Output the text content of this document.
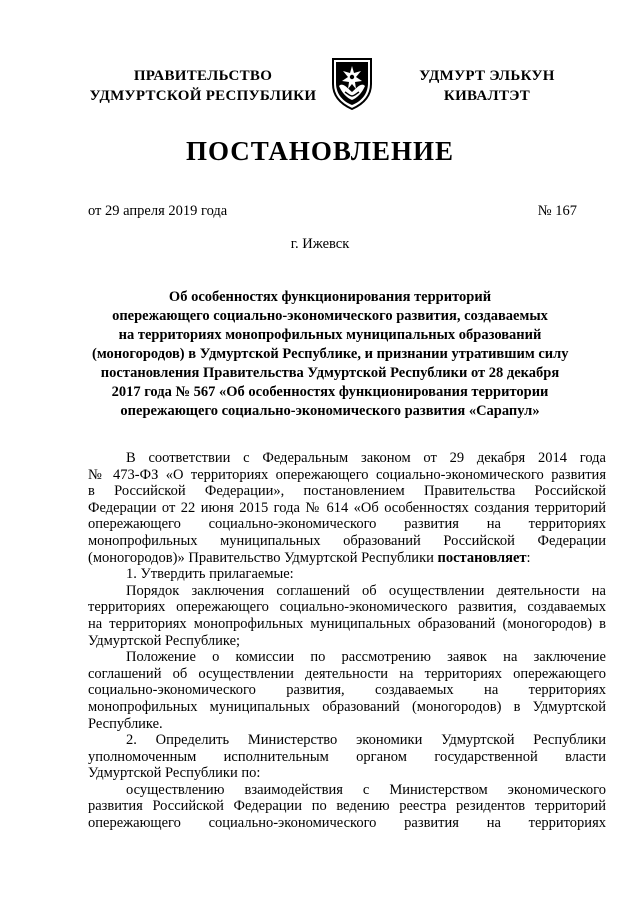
ПРАВИТЕЛЬСТВО
УДМУРТСКОЙ РЕСПУБЛИКИ
УДМУРТ ЭЛЬКУН
КИВАЛТЭТ
ПОСТАНОВЛЕНИЕ
от 29 апреля 2019 года	№ 167
г. Ижевск
Об особенностях функционирования территорий
опережающего социально-экономического развития, создаваемых
на территориях монопрофильных муниципальных образований
(моногородов) в Удмуртской Республике, и признании утратившим силу
постановления Правительства Удмуртской Республики от 28 декабря
2017 года № 567 «Об особенностях функционирования территории
опережающего социально-экономического развития «Сарапул»
В соответствии с Федеральным законом от 29 декабря 2014 года
№ 473-ФЗ «О территориях опережающего социально-экономического развития
в Российской Федерации», постановлением Правительства Российской
Федерации от 22 июня 2015 года № 614 «Об особенностях создания территорий
опережающего социально-экономического развития на территориях
монопрофильных муниципальных образований Российской Федерации
(моногородов)» Правительство Удмуртской Республики постановляет:
1. Утвердить прилагаемые:
Порядок заключения соглашений об осуществлении деятельности на
территориях опережающего социально-экономического развития, создаваемых
на территориях монопрофильных муниципальных образований (моногородов) в
Удмуртской Республике;
Положение о комиссии по рассмотрению заявок на заключение
соглашений об осуществлении деятельности на территориях опережающего
социально-экономического развития, создаваемых на территориях
монопрофильных муниципальных образований (моногородов) в Удмуртской
Республике.
2. Определить Министерство экономики Удмуртской Республики
уполномоченным исполнительным органом государственной власти
Удмуртской Республики по:
осуществлению взаимодействия с Министерством экономического
развития Российской Федерации по ведению реестра резидентов территорий
опережающего социально-экономического развития на территориях
